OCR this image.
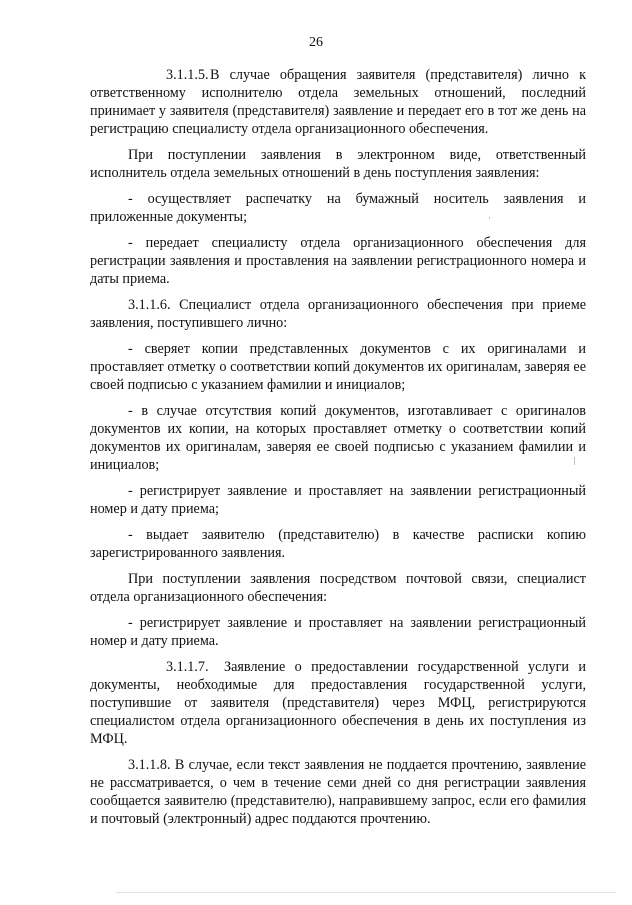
26

3.1.1.5.В случае обращения заявителя (представителя) лично к ответственному исполнителю отдела земельных отношений, последний принимает у заявителя (представителя) заявление и передает его в тот же день на регистрацию специалисту отдела организационного обеспечения.

При поступлении заявления в электронном виде, ответственный исполнитель отдела земельных отношений в день поступления заявления:

- осуществляет распечатку на бумажный носитель заявления и приложенные документы;

- передает специалисту отдела организационного обеспечения для регистрации заявления и проставления на заявлении регистрационного номера и даты приема.

3.1.1.6. Специалист отдела организационного обеспечения при приеме заявления, поступившего лично:

- сверяет копии представленных документов с их оригиналами и проставляет отметку о соответствии копий документов их оригиналам, заверяя ее своей подписью с указанием фамилии и инициалов;

- в случае отсутствия копий документов, изготавливает с оригиналов документов их копии, на которых проставляет отметку о соответствии копий документов их оригиналам, заверяя ее своей подписью с указанием фамилии и инициалов;

- регистрирует заявление и проставляет на заявлении регистрационный номер и дату приема;

- выдает заявителю (представителю) в качестве расписки копию зарегистрированного заявления.

При поступлении заявления посредством почтовой связи, специалист отдела организационного обеспечения:

- регистрирует заявление и проставляет на заявлении регистрационный номер и дату приема.

3.1.1.7. Заявление о предоставлении государственной услуги и документы, необходимые для предоставления государственной услуги, поступившие от заявителя (представителя) через МФЦ, регистрируются специалистом отдела организационного обеспечения в день их поступления из МФЦ.

3.1.1.8. В случае, если текст заявления не поддается прочтению, заявление не рассматривается, о чем в течение семи дней со дня регистрации заявления сообщается заявителю (представителю), направившему запрос, если его фамилия и почтовый (электронный) адрес поддаются прочтению.
